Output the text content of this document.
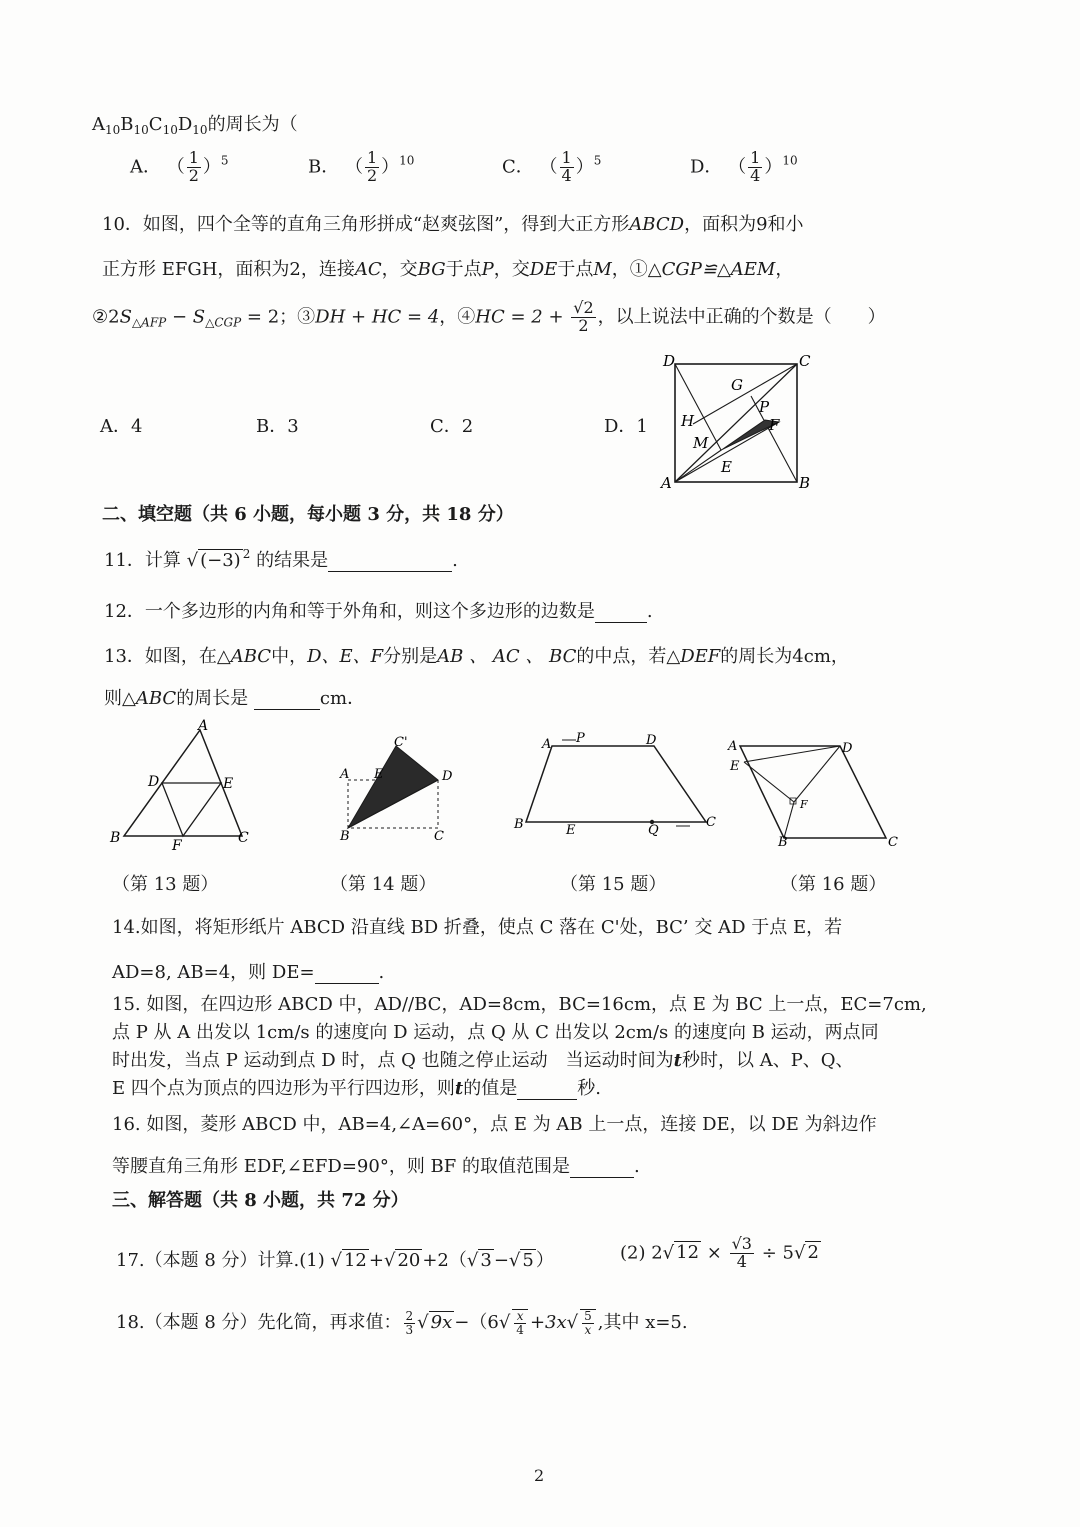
$A_{10}B_{10}C_{10}D_{10}$的周长为（
A． （ $\frac{1}{2} )^5$	B． （ $\frac{1}{2} )^{10}$	C． （ $\frac{1}{4} )^5$	D． （ $\frac{1}{4} )^{10}$
10．如图，四个全等的直角三角形拼成“赵爽弦图”，得到大正方形ABCD，面积为9和小
正方形 EFGH，面积为2，连接AC，交BG于点P，交DE于点M，①△CGP≌△AEM，
$②2S_{\triangle AFP} - S_{\triangle CGP} = 2$；③DH + HC = 4，④HC = $2 + \frac{√2}{2}$ ，以上说法中正确的个数是（　　）
A．4	B．3	C．2	D．1
D	C
A	B
G
P
F
H
M
E
二、填空题（共 6 小题，每小题 3 分，共 18 分）
11．计算 √ (−3) $^2$ 的结果是	.
12．一个多边形的内角和等于外角和，则这个多边形的边数是	.
13．如图，在△ABC中，D、E、F分别是AB 、 AC 、 BC的中点，若△DEF的周长为4cm，
则△ABC的周长是	cm．
A
D	E
B	F	C
C'
A E	D
B	C
A P	D
B	E	Q
C
A	D
E
F
B	C
（第 13 题）	（第 14 题）	（第 15 题）	（第 16 题）
14.如图，将矩形纸片 ABCD 沿直线 BD 折叠，使点 C 落在 C'处，BC’ 交 AD 于点 E，若
AD=8, AB=4，则 DE=	.
15. 如图，在四边形 ABCD 中，AD//BC，AD=8cm，BC=16cm，点 E 为 BC 上一点，EC=7cm,
点 P 从 A 出发以 1cm/s 的速度向 D 运动，点 Q 从 C 出发以 2cm/s 的速度向 B 运动，两点同
时出发，当点 P 运动到点 D 时，点 Q 也随之停止运动　当运动时间为t秒时，以 A、P、Q、
E 四个点为顶点的四边形为平行四边形，则t的值是	秒.
16. 如图，菱形 ABCD 中，AB=4,∠A=60°，点 E 为 AB 上一点，连接 DE，以 DE 为斜边作
等腰直角三角形 EDF,∠EFD=90°，则 BF 的取值范围是	.
三、解答题（共 8 小题，共 72 分）
17.（本题 8 分）计算.(1) √ 12 +√ 20 +2（√ 3 −√ 5 ）	(2) 2√ $12 \times \frac{√3}{4} \div 5√$ 2
18.（本题 8 分）先化简，再求值： $\frac{2}{3}$ √ $9x -(6√ \frac{x}{4} +3x√ \frac{5}{x}$ ,其中 x=5.
2
